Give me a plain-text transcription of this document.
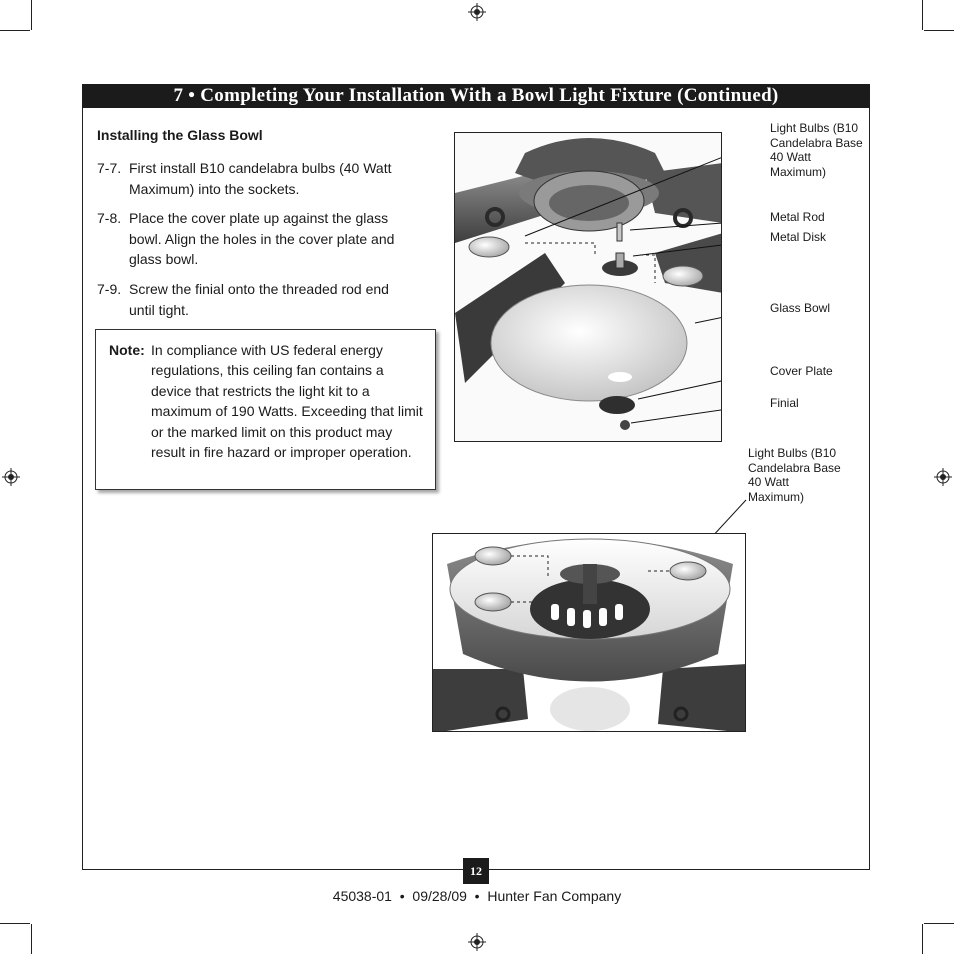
7 • Completing Your Installation With a Bowl Light Fixture (Continued)
Installing the Glass Bowl
7-7. First install B10 candelabra bulbs (40 Watt Maximum) into the sockets.
7-8. Place the cover plate up against the glass bowl. Align the holes in the cover plate and glass bowl.
7-9. Screw the finial onto the threaded rod end until tight.
Note: In compliance with US federal energy regulations, this ceiling fan contains a device that restricts the light kit to a maximum of 190 Watts. Exceeding that limit or the marked limit on this product may result in fire hazard or improper operation.
Light Bulbs (B10 Candelabra Base 40 Watt Maximum)
Metal Rod
Metal Disk
Glass Bowl
Cover Plate
Finial
Light Bulbs (B10 Candelabra Base 40 Watt Maximum)
12
45038-01  •  09/28/09  •  Hunter Fan Company
